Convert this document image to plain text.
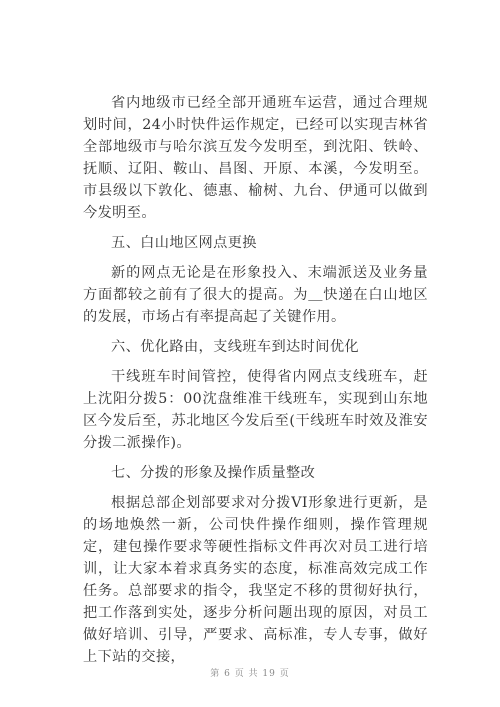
省内地级市已经全部开通班车运营，通过合理规划时间，24小时快件运作规定，已经可以实现吉林省全部地级市与哈尔滨互发今发明至，到沈阳、铁岭、抚顺、辽阳、鞍山、昌图、开原、本溪，今发明至。市县级以下敦化、德惠、榆树、九台、伊通可以做到今发明至。

五、白山地区网点更换

新的网点无论是在形象投入、末端派送及业务量方面都较之前有了很大的提高。为＿快递在白山地区的发展，市场占有率提高起了关键作用。

六、优化路由，支线班车到达时间优化

干线班车时间管控，使得省内网点支线班车，赶上沈阳分拨5：00沈盘维准干线班车，实现到山东地区今发后至，苏北地区今发后至(干线班车时效及淮安分拨二派操作)。

七、分拨的形象及操作质量整改

根据总部企划部要求对分拨VI形象进行更新，是的场地焕然一新，公司快件操作细则，操作管理规定，建包操作要求等硬性指标文件再次对员工进行培训，让大家本着求真务实的态度，标准高效完成工作任务。总部要求的指令，我坚定不移的贯彻好执行，把工作落到实处，逐步分析问题出现的原因，对员工做好培训、引导，严要求、高标准，专人专事，做好上下站的交接，

第 6 页 共 19 页
